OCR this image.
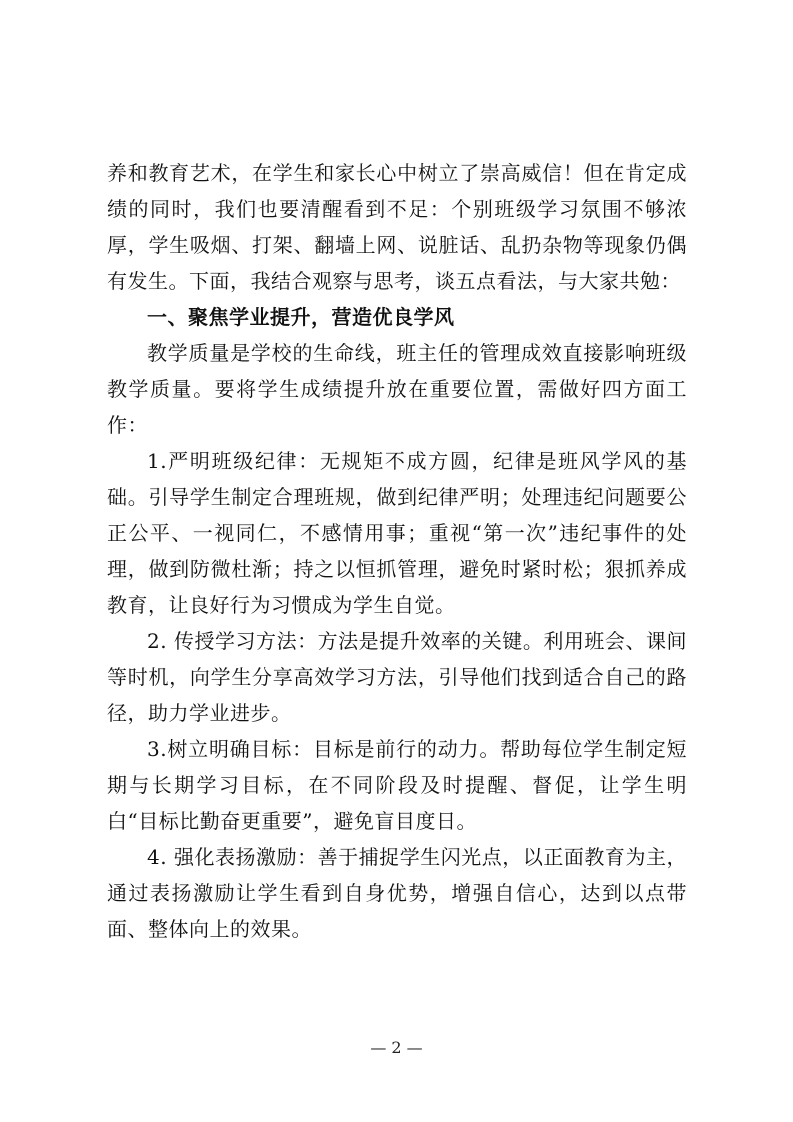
养和教育艺术，在学生和家长心中树立了崇高威信！但在肯定成绩的同时，我们也要清醒看到不足：个别班级学习氛围不够浓厚，学生吸烟、打架、翻墙上网、说脏话、乱扔杂物等现象仍偶有发生。下面，我结合观察与思考，谈五点看法，与大家共勉：

一、聚焦学业提升，营造优良学风

教学质量是学校的生命线，班主任的管理成效直接影响班级教学质量。要将学生成绩提升放在重要位置，需做好四方面工作：

1.严明班级纪律：无规矩不成方圆，纪律是班风学风的基础。引导学生制定合理班规，做到纪律严明；处理违纪问题要公正公平、一视同仁，不感情用事；重视“第一次”违纪事件的处理，做到防微杜渐；持之以恒抓管理，避免时紧时松；狠抓养成教育，让良好行为习惯成为学生自觉。

2. 传授学习方法：方法是提升效率的关键。利用班会、课间等时机，向学生分享高效学习方法，引导他们找到适合自己的路径，助力学业进步。

3.树立明确目标：目标是前行的动力。帮助每位学生制定短期与长期学习目标，在不同阶段及时提醒、督促，让学生明白“目标比勤奋更重要”，避免盲目度日。

4. 强化表扬激励：善于捕捉学生闪光点，以正面教育为主，通过表扬激励让学生看到自身优势，增强自信心，达到以点带面、整体向上的效果。

— 2 —
